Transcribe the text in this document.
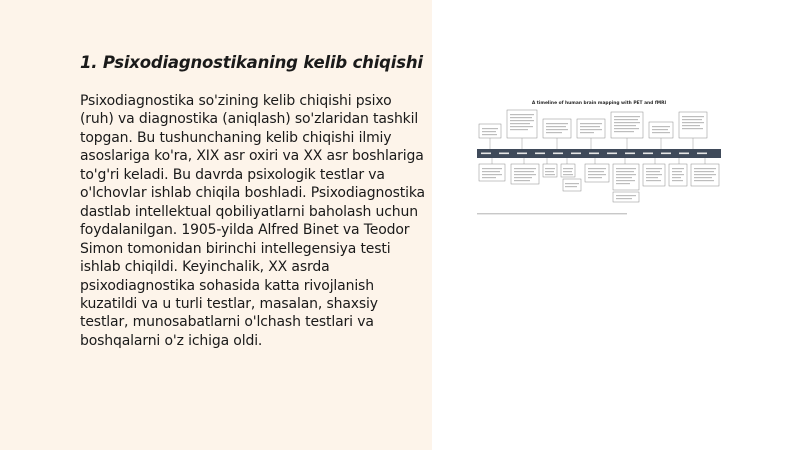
1. Psixodiagnostikaning kelib chiqishi

Psixodiagnostika so'zining kelib chiqishi psixo (ruh) va diagnostika (aniqlash) so'zlaridan tashkil topgan. Bu tushunchaning kelib chiqishi ilmiy asoslariga ko'ra, XIX asr oxiri va XX asr boshlariga to'g'ri keladi. Bu davrda psixologik testlar va o'lchovlar ishlab chiqila boshladi. Psixodiagnostika dastlab intellektual qobiliyatlarni baholash uchun foydalanilgan. 1905-yilda Alfred Binet va Teodor Simon tomonidan birinchi intellegensiya testi ishlab chiqildi. Keyinchalik, XX asrda psixodiagnostika sohasida katta rivojlanish kuzatildi va u turli testlar, masalan, shaxsiy testlar, munosabatlarni o'lchash testlari va boshqalarni o'z ichiga oldi.

A timeline of human brain mapping with PET and fMRI
